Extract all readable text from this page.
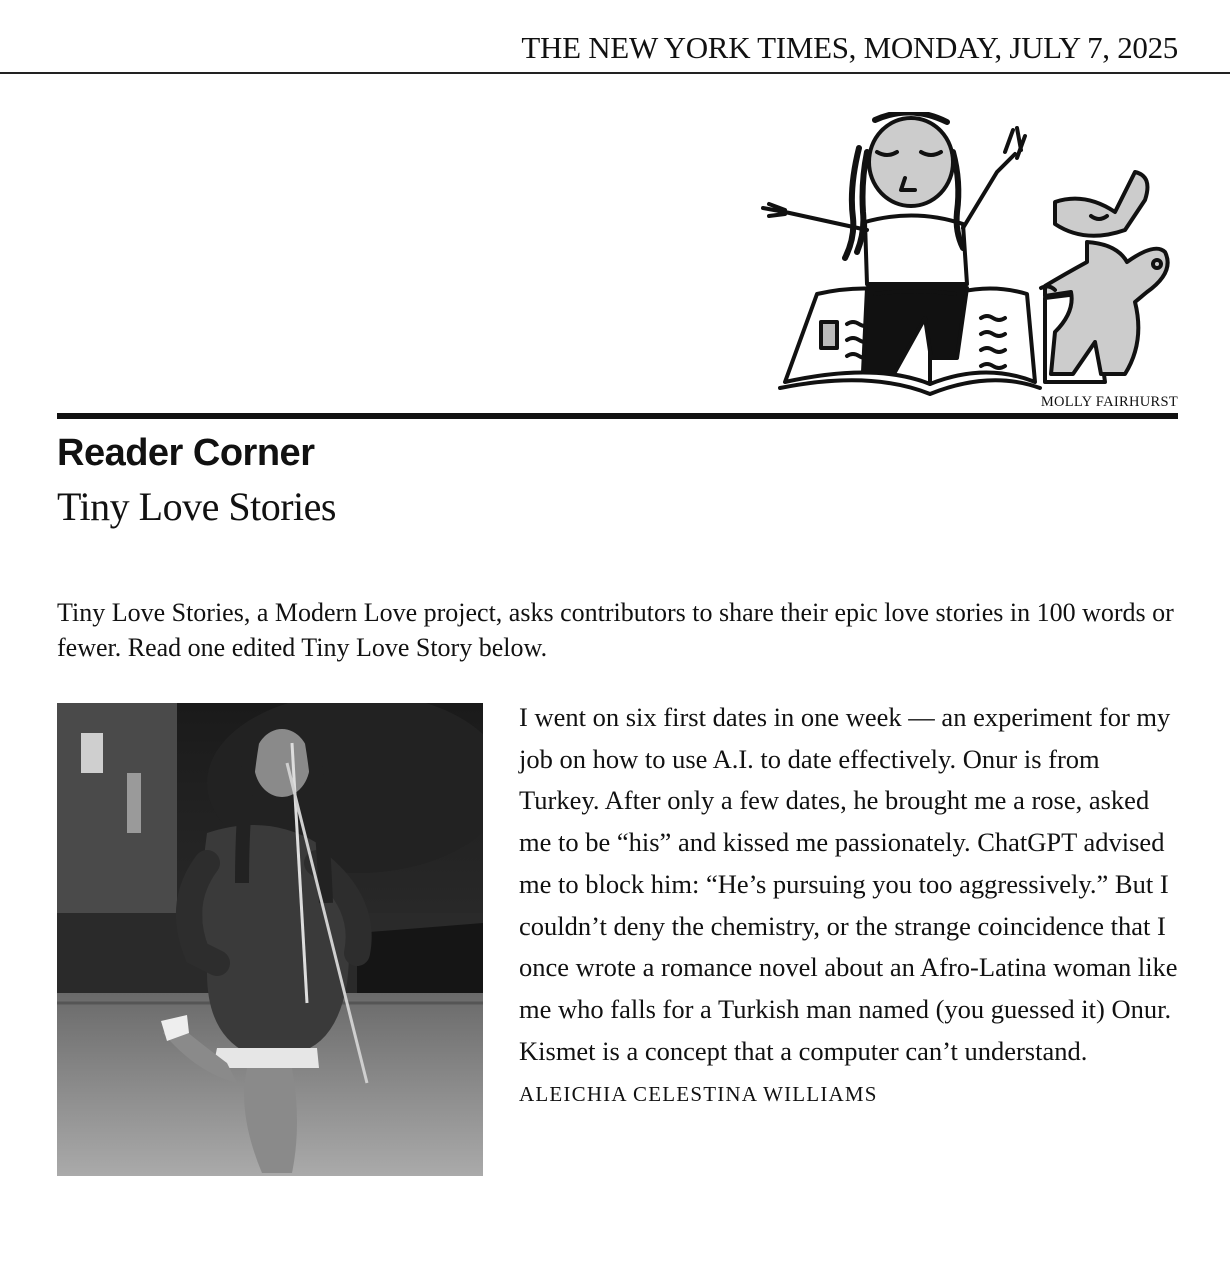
THE NEW YORK TIMES, MONDAY, JULY 7, 2025
MOLLY FAIRHURST
Reader Corner
Tiny Love Stories
Tiny Love Stories, a Modern Love project, asks contributors to share their epic love stories in 100 words or fewer. Read one edited Tiny Love Story below.
I went on six first dates in one week — an experiment for my job on how to use A.I. to date effectively. Onur is from Turkey. After only a few dates, he brought me a rose, asked me to be “his” and kissed me passionately. ChatGPT advised me to block him: “He’s pursuing you too aggressively.” But I couldn’t deny the chemistry, or the strange coincidence that I once wrote a romance novel about an Afro-Latina woman like me who falls for a Turkish man named (you guessed it) Onur. Kismet is a concept that a computer can’t understand. ALEICHIA CELESTINA WILLIAMS
